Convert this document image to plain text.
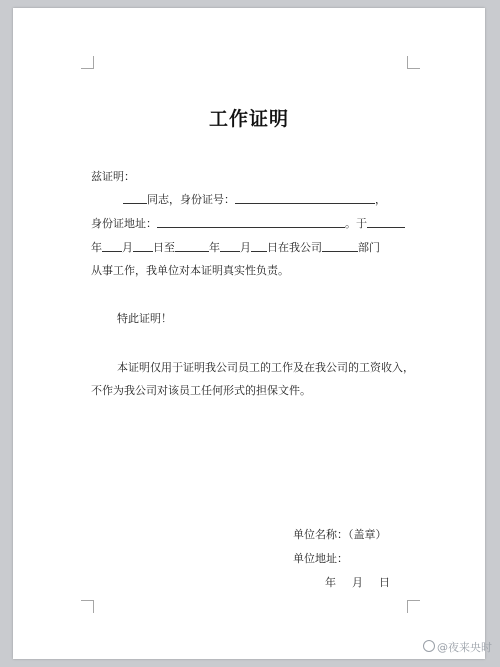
工作证明
兹证明：
同志，身份证号：	，
身份证地址：	。于
年 月 日至	年 月 日在我公司	部门
从事工作，我单位对本证明真实性负责。
特此证明！
本证明仅用于证明我公司员工的工作及在我公司的工资收入，
不作为我公司对该员工任何形式的担保文件。
单位名称：（盖章）
单位地址：
年 月 日
@夜来央时
